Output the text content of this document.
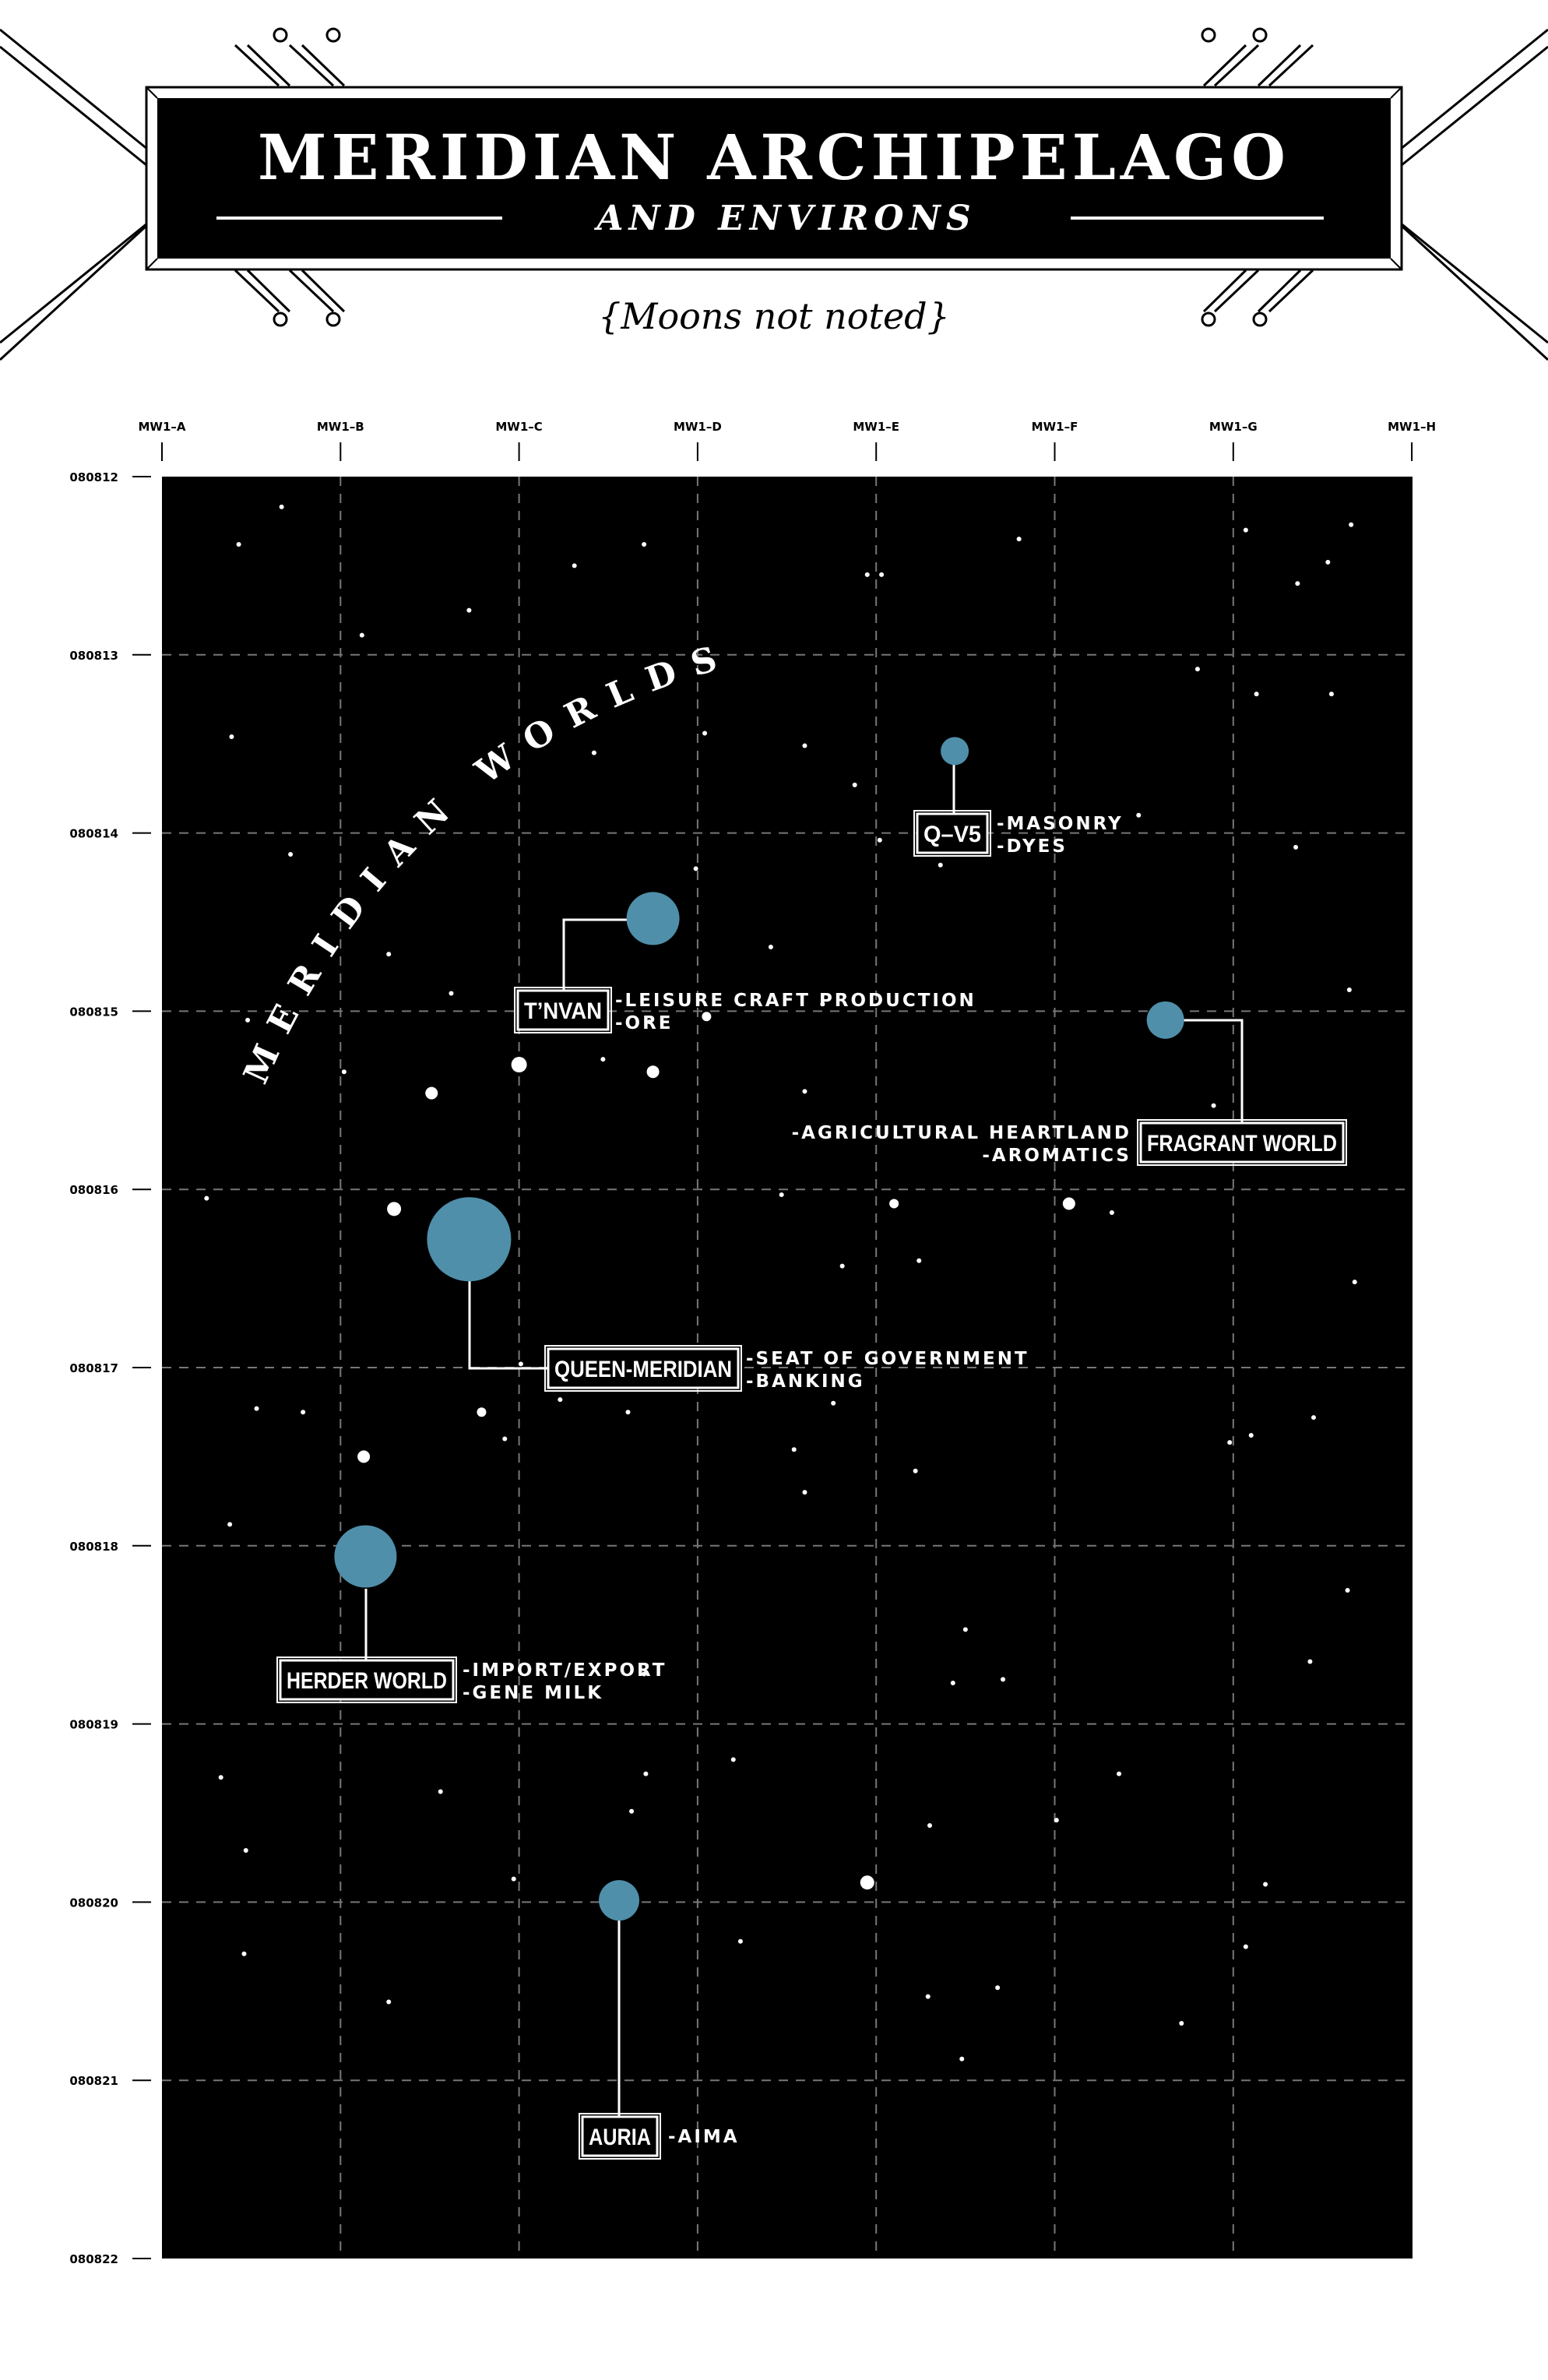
MERIDIAN ARCHIPELAGO
AND ENVIRONS
{Moons not noted}
MW1–A	MW1–B	MW1–C	MW1–D	MW1–E	MW1–F	MW1–G	MW1–H
080812
080813
080814
080815
080816
080817
080818
080819
080820
080821
080822
MERIDIAN WORLDS
Q–V5 -MASONRY
-DYES
T’NVAN -LEISURE CRAFT PRODUCTION
-ORE
FRAGRANT WORLD
-AGRICULTURAL HEARTLAND
-AROMATICS
QUEEN-MERIDIAN -SEAT OF GOVERNMENT
-BANKING
HERDER WORLD -IMPORT/EXPORT
-GENE MILK
AURIA -AIMA
